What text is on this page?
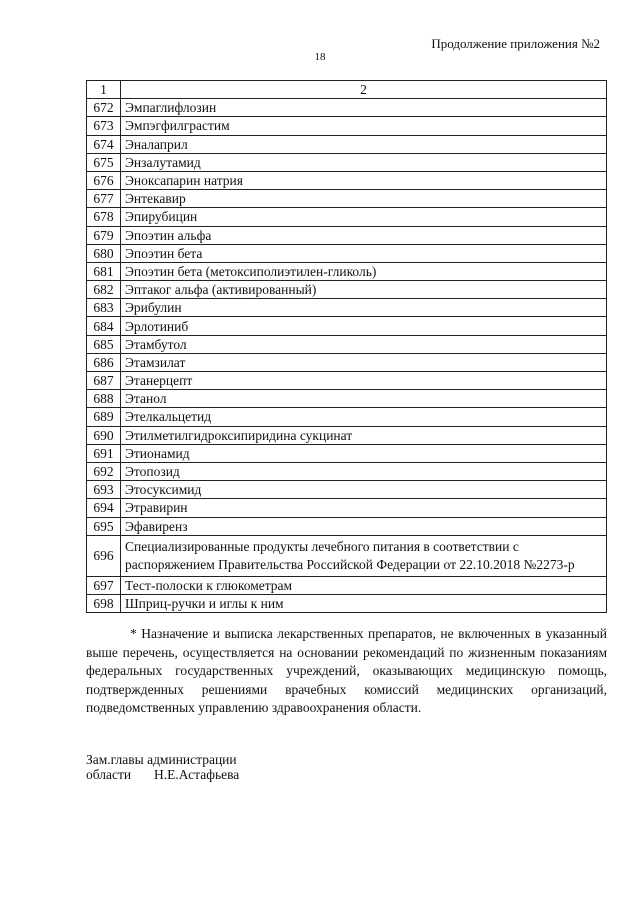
Продолжение приложения №2
18
1	2
672	Эмпаглифлозин
673	Эмпэгфилграстим
674	Эналаприл
675	Энзалутамид
676	Эноксапарин натрия
677	Энтекавир
678	Эпирубицин
679	Эпоэтин альфа
680	Эпоэтин бета
681	Эпоэтин бета (метоксиполиэтилен-гликоль)
682	Эптаког альфа (активированный)
683	Эрибулин
684	Эрлотиниб
685	Этамбутол
686	Этамзилат
687	Этанерцепт
688	Этанол
689	Этелкальцетид
690	Этилметилгидроксипиридина сукцинат
691	Этионамид
692	Этопозид
693	Этосуксимид
694	Этравирин
695	Эфавиренз
696	Специализированные продукты лечебного питания в соответствии с распоряжением Правительства Российской Федерации от 22.10.2018 №2273-р
697	Тест-полоски к глюкометрам
698	Шприц-ручки и иглы к ним
* Назначение и выписка лекарственных препаратов, не включенных в указанный выше перечень, осуществляется на основании рекомендаций по жизненным показаниям федеральных государственных учреждений, оказывающих медицинскую помощь, подтвержденных решениями врачебных комиссий медицинских организаций, подведомственных управлению здравоохранения области.
Зам.главы администрации
области Н.Е.Астафьева
